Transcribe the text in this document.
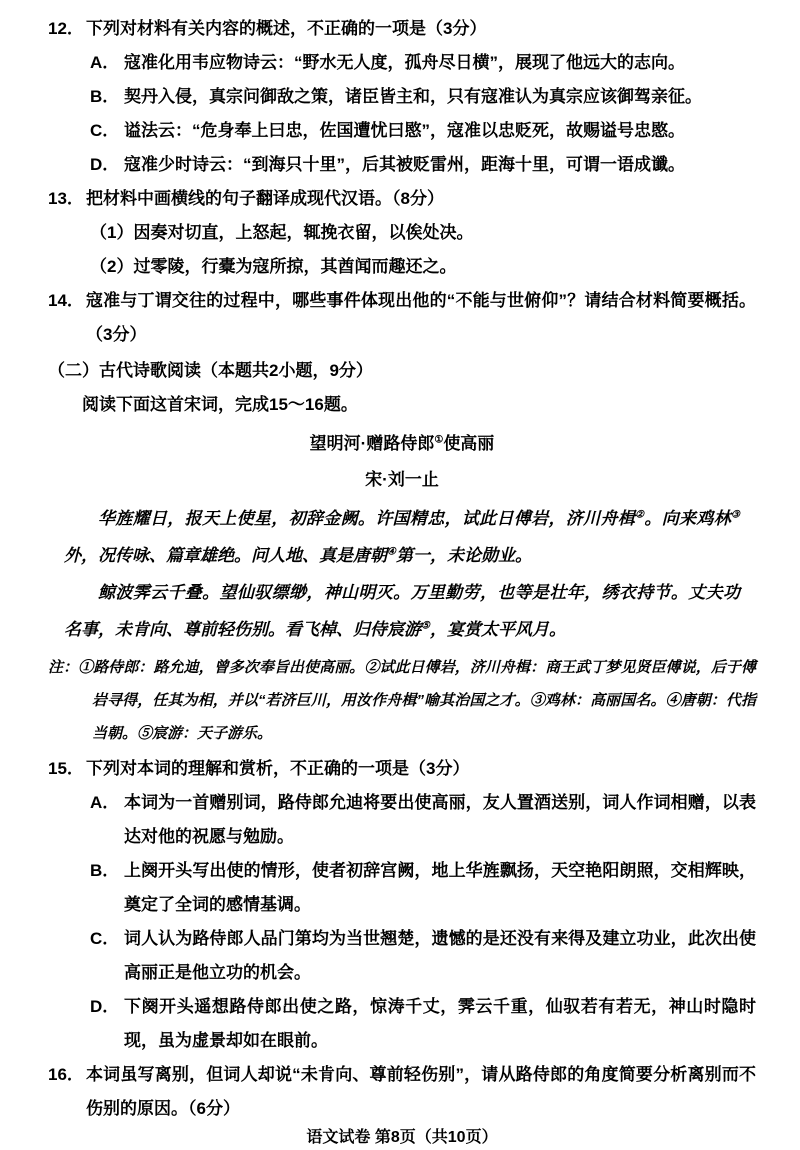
12． 下列对材料有关内容的概述，不正确的一项是（3分）
A． 寇准化用韦应物诗云：“野水无人度，孤舟尽日横”，展现了他远大的志向。
B． 契丹入侵，真宗问御敌之策，诸臣皆主和，只有寇准认为真宗应该御驾亲征。
C． 谥法云：“危身奉上曰忠，佐国遭忧曰愍”，寇准以忠贬死，故赐谥号忠愍。
D． 寇准少时诗云：“到海只十里”，后其被贬雷州，距海十里，可谓一语成谶。
13． 把材料中画横线的句子翻译成现代汉语。（8分）
（1）因奏对切直，上怒起，辄挽衣留，以俟处决。
（2）过零陵，行橐为寇所掠，其酋闻而趣还之。
14． 寇准与丁谓交往的过程中，哪些事件体现出他的“不能与世俯仰”？请结合材料简要概括。（3分）
（二）古代诗歌阅读（本题共2小题，9分）
阅读下面这首宋词，完成15～16题。
望明河·赠路侍郎①使高丽
宋·刘一止
华旌耀日，报天上使星，初辞金阙。许国精忠，试此日傅岩，济川舟楫②。向来鸡林③外，况传咏、篇章雄绝。问人地、真是唐朝④第一，未论勋业。
鲸波霁云千叠。望仙驭缥缈，神山明灭。万里勤劳，也等是壮年，绣衣持节。丈夫功名事，未肯向、尊前轻伤别。看飞棹、归侍宸游⑤，宴赏太平风月。
注：①路侍郎：路允迪，曾多次奉旨出使高丽。②试此日傅岩，济川舟楫：商王武丁梦见贤臣傅说，后于傅岩寻得，任其为相，并以“若济巨川，用汝作舟楫”喻其治国之才。③鸡林：高丽国名。④唐朝：代指当朝。⑤宸游：天子游乐。
15． 下列对本词的理解和赏析，不正确的一项是（3分）
A． 本词为一首赠别词，路侍郎允迪将要出使高丽，友人置酒送别，词人作词相赠，以表达对他的祝愿与勉励。
B． 上阕开头写出使的情形，使者初辞宫阙，地上华旌飘扬，天空艳阳朗照，交相辉映，奠定了全词的感情基调。
C． 词人认为路侍郎人品门第均为当世翘楚，遗憾的是还没有来得及建立功业，此次出使高丽正是他立功的机会。
D． 下阕开头遥想路侍郎出使之路，惊涛千丈，霁云千重，仙驭若有若无，神山时隐时现，虽为虚景却如在眼前。
16． 本词虽写离别，但词人却说“未肯向、尊前轻伤别”，请从路侍郎的角度简要分析离别而不伤别的原因。（6分）
语文试卷 第8页（共10页）
